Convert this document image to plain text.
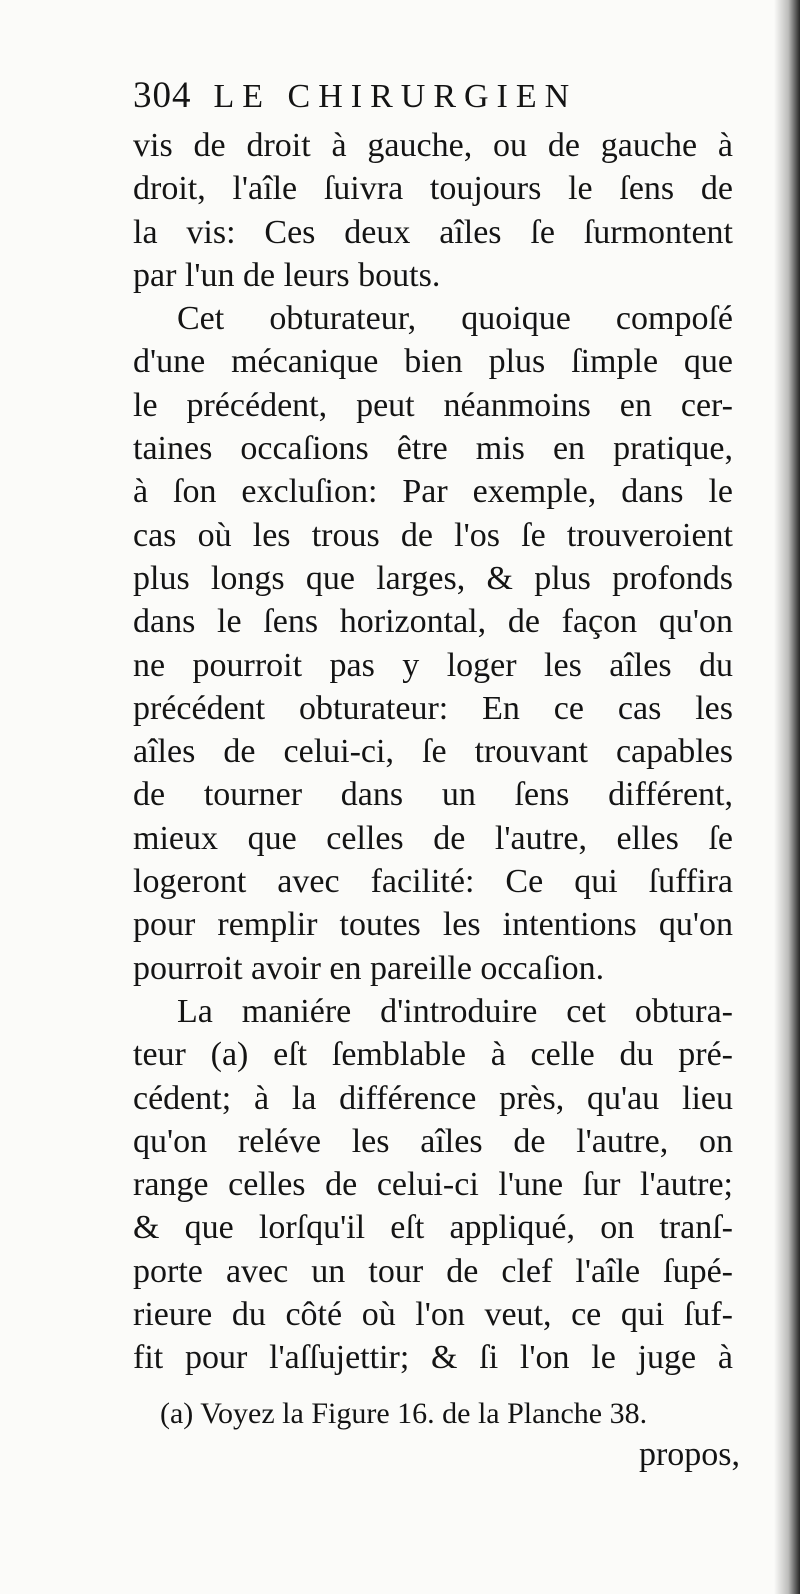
304 LE CHIRURGIEN
vis de droit à gauche, ou de gauche à
droit, l'aîle ſuivra toujours le ſens de
la vis: Ces deux aîles ſe ſurmontent
par l'un de leurs bouts.
Cet obturateur, quoique compoſé
d'une mécanique bien plus ſimple que
le précédent, peut néanmoins en cer-
taines occaſions être mis en pratique,
à ſon excluſion: Par exemple, dans le
cas où les trous de l'os ſe trouveroient
plus longs que larges, & plus profonds
dans le ſens horizontal, de façon qu'on
ne pourroit pas y loger les aîles du
précédent obturateur: En ce cas les
aîles de celui-ci, ſe trouvant capables
de tourner dans un ſens différent,
mieux que celles de l'autre, elles ſe
logeront avec facilité: Ce qui ſuffira
pour remplir toutes les intentions qu'on
pourroit avoir en pareille occaſion.
La maniére d'introduire cet obtura-
teur (a) eſt ſemblable à celle du pré-
cédent; à la différence près, qu'au lieu
qu'on reléve les aîles de l'autre, on
range celles de celui-ci l'une ſur l'autre;
& que lorſqu'il eſt appliqué, on tranſ-
porte avec un tour de clef l'aîle ſupé-
rieure du côté où l'on veut, ce qui ſuf-
fit pour l'aſſujettir; & ſi l'on le juge à
(a) Voyez la Figure 16. de la Planche 38.
propos,
